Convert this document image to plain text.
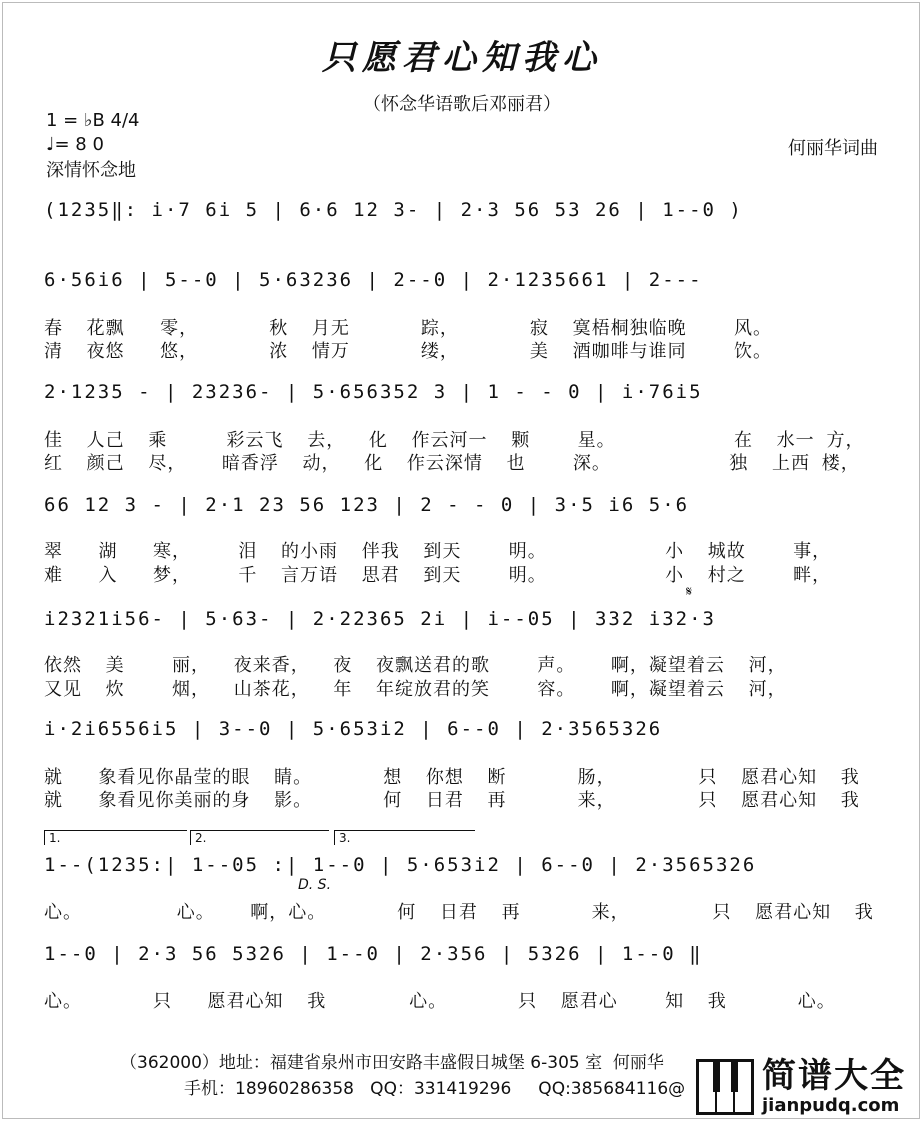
只愿君心知我心
（怀念华语歌后邓丽君）
1 = ♭B 4/4
♩= 8 0
深情怀念地
何丽华词曲
(1235‖: i·7 6i 5 | 6·6 12 3- | 2·3 56 53 26 | 1--0 )
6·56i6 | 5--0 | 5·63236 | 2--0 | 2·1235661 | 2---
春  花飘   零，      秋  月无      踪，      寂  寞梧桐独临晚    风。
清  夜悠   悠，      浓  情万      缕，      美  酒咖啡与谁同    饮。
2·1235 - | 23236- | 5·656352 3 | 1 - - 0 | i·76i5
佳  人己  乘     彩云飞  去，  化  作云河一  颗    星。          在  水一 方，
红  颜己  尽，   暗香浮  动，  化  作云深情  也    深。          独  上西 楼，
66 12 3 - | 2·1 23 56 123 | 2 - - 0 | 3·5 i6 5·6
翠   湖   寒，    泪  的小雨  伴我  到天    明。          小  城故    事，
难   入   梦，    千  言万语  思君  到天    明。          小  村之    畔，
i2321i56- | 5·63- | 2·22365 2i | i--05 | 332 i32·3
𝄋
依然  美    丽，  夜来香，  夜  夜飘送君的歌    声。   啊，凝望着云  河，
又见  炊    烟，  山茶花，  年  年绽放君的笑    容。   啊，凝望着云  河，
i·2i6556i5 | 3--0 | 5·653i2 | 6--0 | 2·3565326
就   象看见你晶莹的眼  睛。      想  你想  断      肠，       只  愿君心知  我
就   象看见你美丽的身  影。      何  日君  再      来，       只  愿君心知  我
1.	2.	3.
1--(1235:| 1--05 :| 1--0 | 5·653i2 | 6--0 | 2·3565326
D. S.
心。        心。   啊，心。      何  日君  再      来，       只  愿君心知  我
1--0 | 2·3 56 5326 | 1--0 | 2·356 | 5326 | 1--0 ‖
心。      只   愿君心知  我       心。      只  愿君心    知  我      心。
（362000）地址：福建省泉州市田安路丰盛假日城堡 6-305 室  何丽华
手机：18960286358   QQ：331419296     QQ:385684116@ 简谱大全
jianpudq.com
